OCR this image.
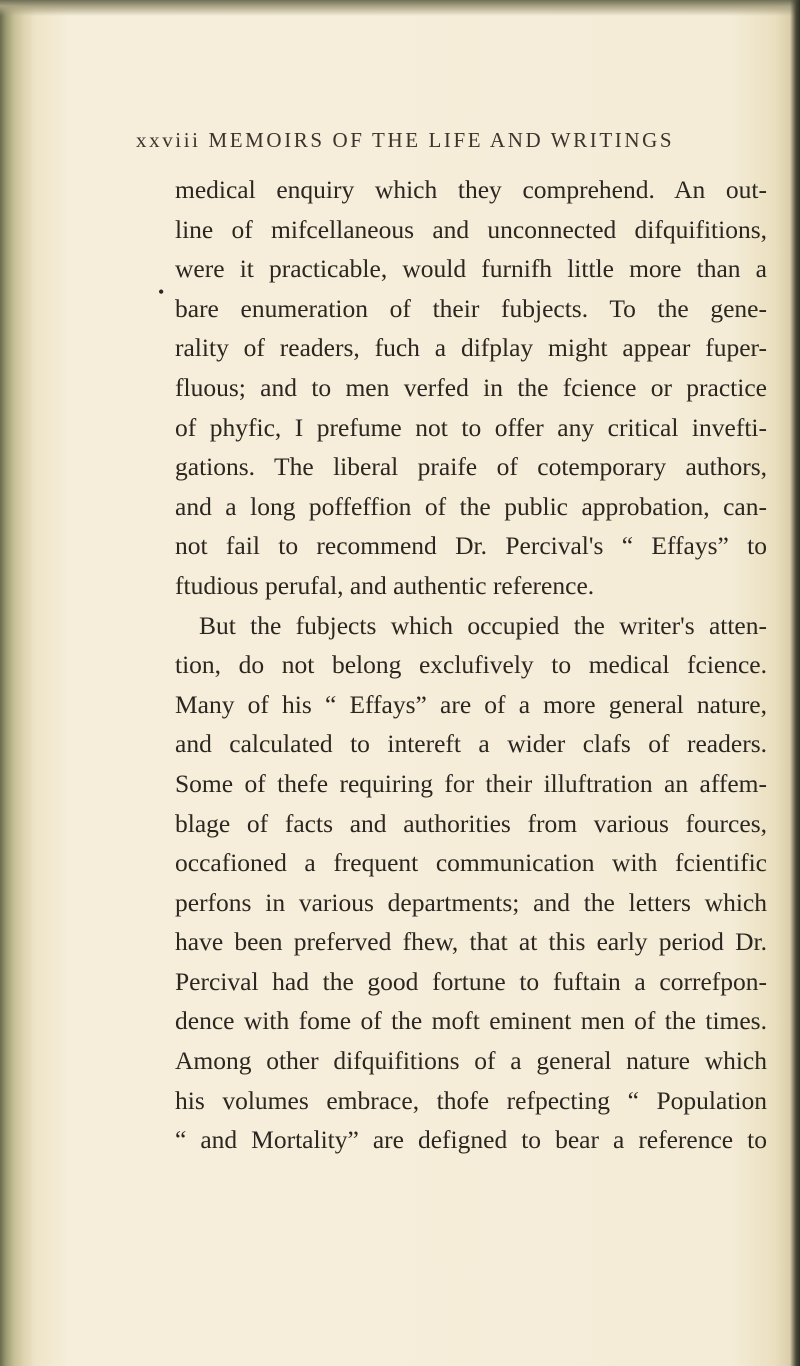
xxviii MEMOIRS OF THE LIFE AND WRITINGS
•
medical enquiry which they comprehend. An out-
line of mifcellaneous and unconnected difquifitions,
were it practicable, would furnifh little more than a
bare enumeration of their fubjects. To the gene-
rality of readers, fuch a difplay might appear fuper-
fluous; and to men verfed in the fcience or practice
of phyfic, I prefume not to offer any critical invefti-
gations. The liberal praife of cotemporary authors,
and a long poffeffion of the public approbation, can-
not fail to recommend Dr. Percival's “ Effays” to
ftudious perufal, and authentic reference.
But the fubjects which occupied the writer's atten-
tion, do not belong exclufively to medical fcience.
Many of his “ Effays” are of a more general nature,
and calculated to intereft a wider clafs of readers.
Some of thefe requiring for their illuftration an affem-
blage of facts and authorities from various fources,
occafioned a frequent communication with fcientific
perfons in various departments; and the letters which
have been preferved fhew, that at this early period Dr.
Percival had the good fortune to fuftain a correfpon-
dence with fome of the moft eminent men of the times.
Among other difquifitions of a general nature which
his volumes embrace, thofe refpecting “ Population
“ and Mortality” are defigned to bear a reference to
